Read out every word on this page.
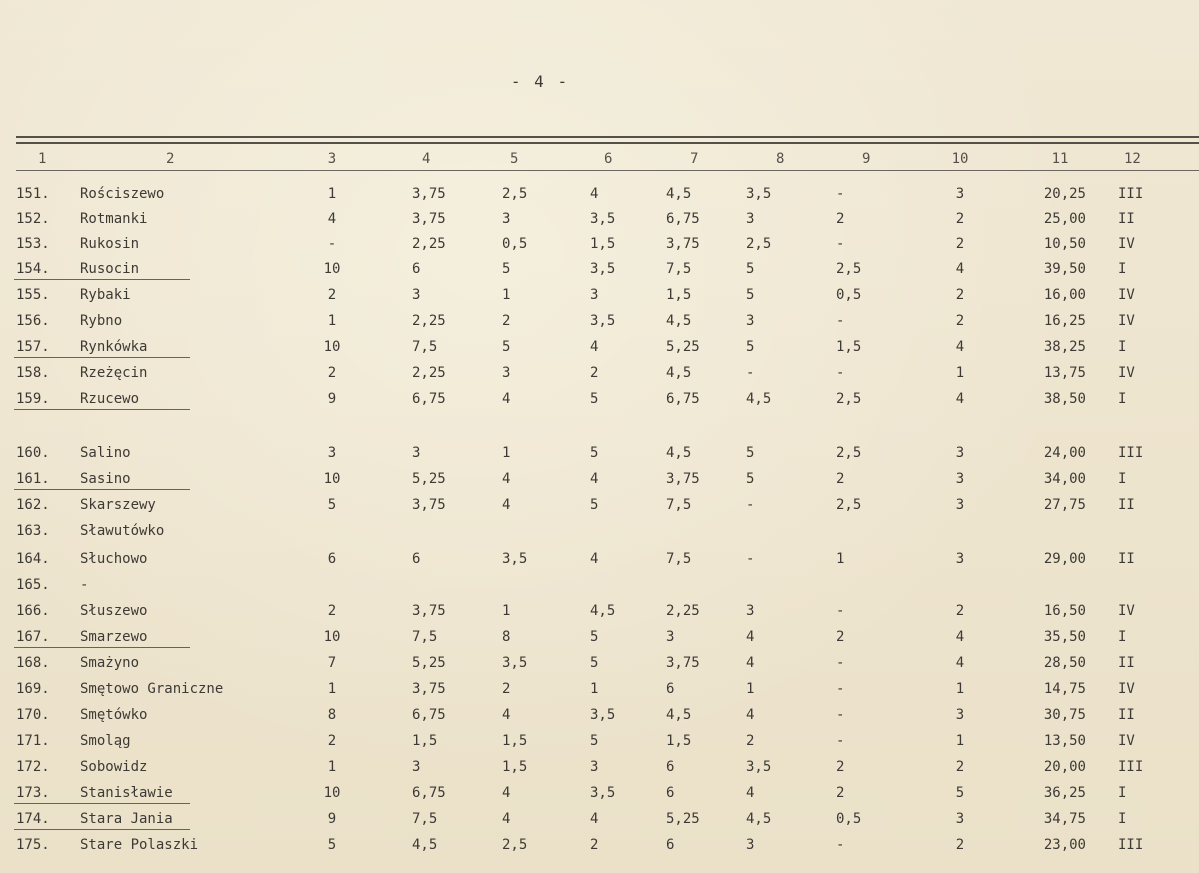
- 4 -
1	2	3	4	5	6	7	8	9	10	11	12
151. Rościszewo	1	3,75	2,5	4	4,5	3,5	-	3	20,25 III
152. Rotmanki	4	3,75	3	3,5	6,75	3	2	2	25,00 II
153. Rukosin	-	2,25	0,5	1,5	3,75	2,5	-	2	10,50 IV
154. Rusocin	10	6	5	3,5	7,5	5	2,5	4	39,50 I
155. Rybaki	2	3	1	3	1,5	5	0,5	2	16,00 IV
156. Rybno	1	2,25	2	3,5	4,5	3	-	2	16,25 IV
157. Rynkówka	10	7,5	5	4	5,25	5	1,5	4	38,25 I
158. Rzeżęcin	2	2,25	3	2	4,5	-	-	1	13,75 IV
159. Rzucewo	9	6,75	4	5	6,75	4,5	2,5	4	38,50 I
160. Salino	3	3	1	5	4,5	5	2,5	3	24,00 III
161. Sasino	10	5,25	4	4	3,75	5	2	3	34,00 I
162. Skarszewy	5	3,75	4	5	7,5	-	2,5	3	27,75 II
163. Sławutówko
164. Słuchowo	6	6	3,5	4	7,5	-	1	3	29,00 II
165. -
166. Słuszewo	2	3,75	1	4,5	2,25	3	-	2	16,50 IV
167. Smarzewo	10	7,5	8	5	3	4	2	4	35,50 I
168. Smażyno	7	5,25	3,5	5	3,75	4	-	4	28,50 II
169. Smętowo Graniczne	1	3,75	2	1	6	1	-	1	14,75 IV
170. Smętówko	8	6,75	4	3,5	4,5	4	-	3	30,75 II
171. Smoląg	2	1,5	1,5	5	1,5	2	-	1	13,50 IV
172. Sobowidz	1	3	1,5	3	6	3,5	2	2	20,00 III
173. Stanisławie	10	6,75	4	3,5	6	4	2	5	36,25 I
174. Stara Jania	9	7,5	4	4	5,25	4,5	0,5	3	34,75 I
175. Stare Polaszki	5	4,5	2,5	2	6	3	-	2	23,00 III
